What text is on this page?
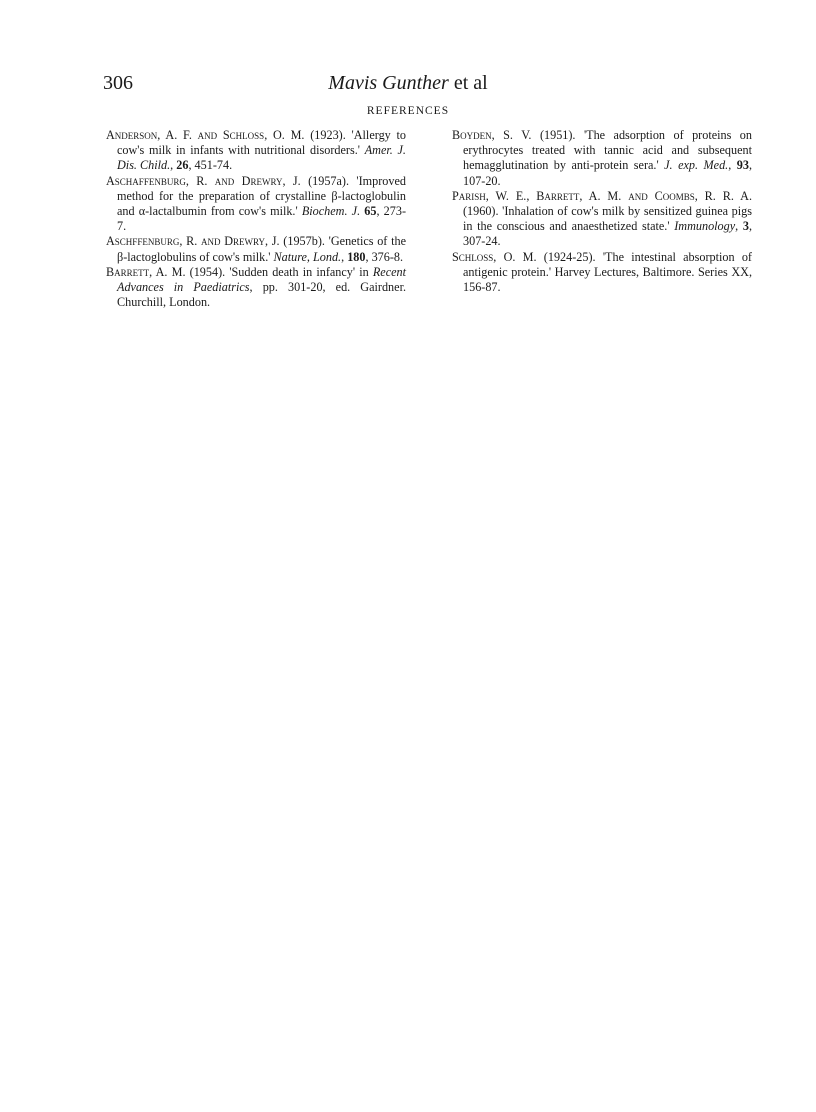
306	Mavis Gunther et al
REFERENCES

Anderson, A. F. and Schloss, O. M. (1923). 'Allergy to cow's milk in infants with nutritional disorders.' Amer. J. Dis. Child., 26, 451-74.

Aschaffenburg, R. and Drewry, J. (1957a). 'Improved method for the preparation of crystalline β-lactoglobulin and α-lactalbumin from cow's milk.' Biochem. J. 65, 273-7.

Aschffenburg, R. and Drewry, J. (1957b). 'Genetics of the β-lactoglobulins of cow's milk.' Nature, Lond., 180, 376-8.

Barrett, A. M. (1954). 'Sudden death in infancy' in Recent Advances in Paediatrics, pp. 301-20, ed. Gairdner. Churchill, London.

Boyden, S. V. (1951). 'The adsorption of proteins on erythrocytes treated with tannic acid and subsequent hemagglutination by anti-protein sera.' J. exp. Med., 93, 107-20.

Parish, W. E., Barrett, A. M. and Coombs, R. R. A. (1960). 'Inhalation of cow's milk by sensitized guinea pigs in the conscious and anaesthetized state.' Immunology, 3, 307-24.

Schloss, O. M. (1924-25). 'The intestinal absorption of antigenic protein.' Harvey Lectures, Baltimore. Series XX, 156-87.
